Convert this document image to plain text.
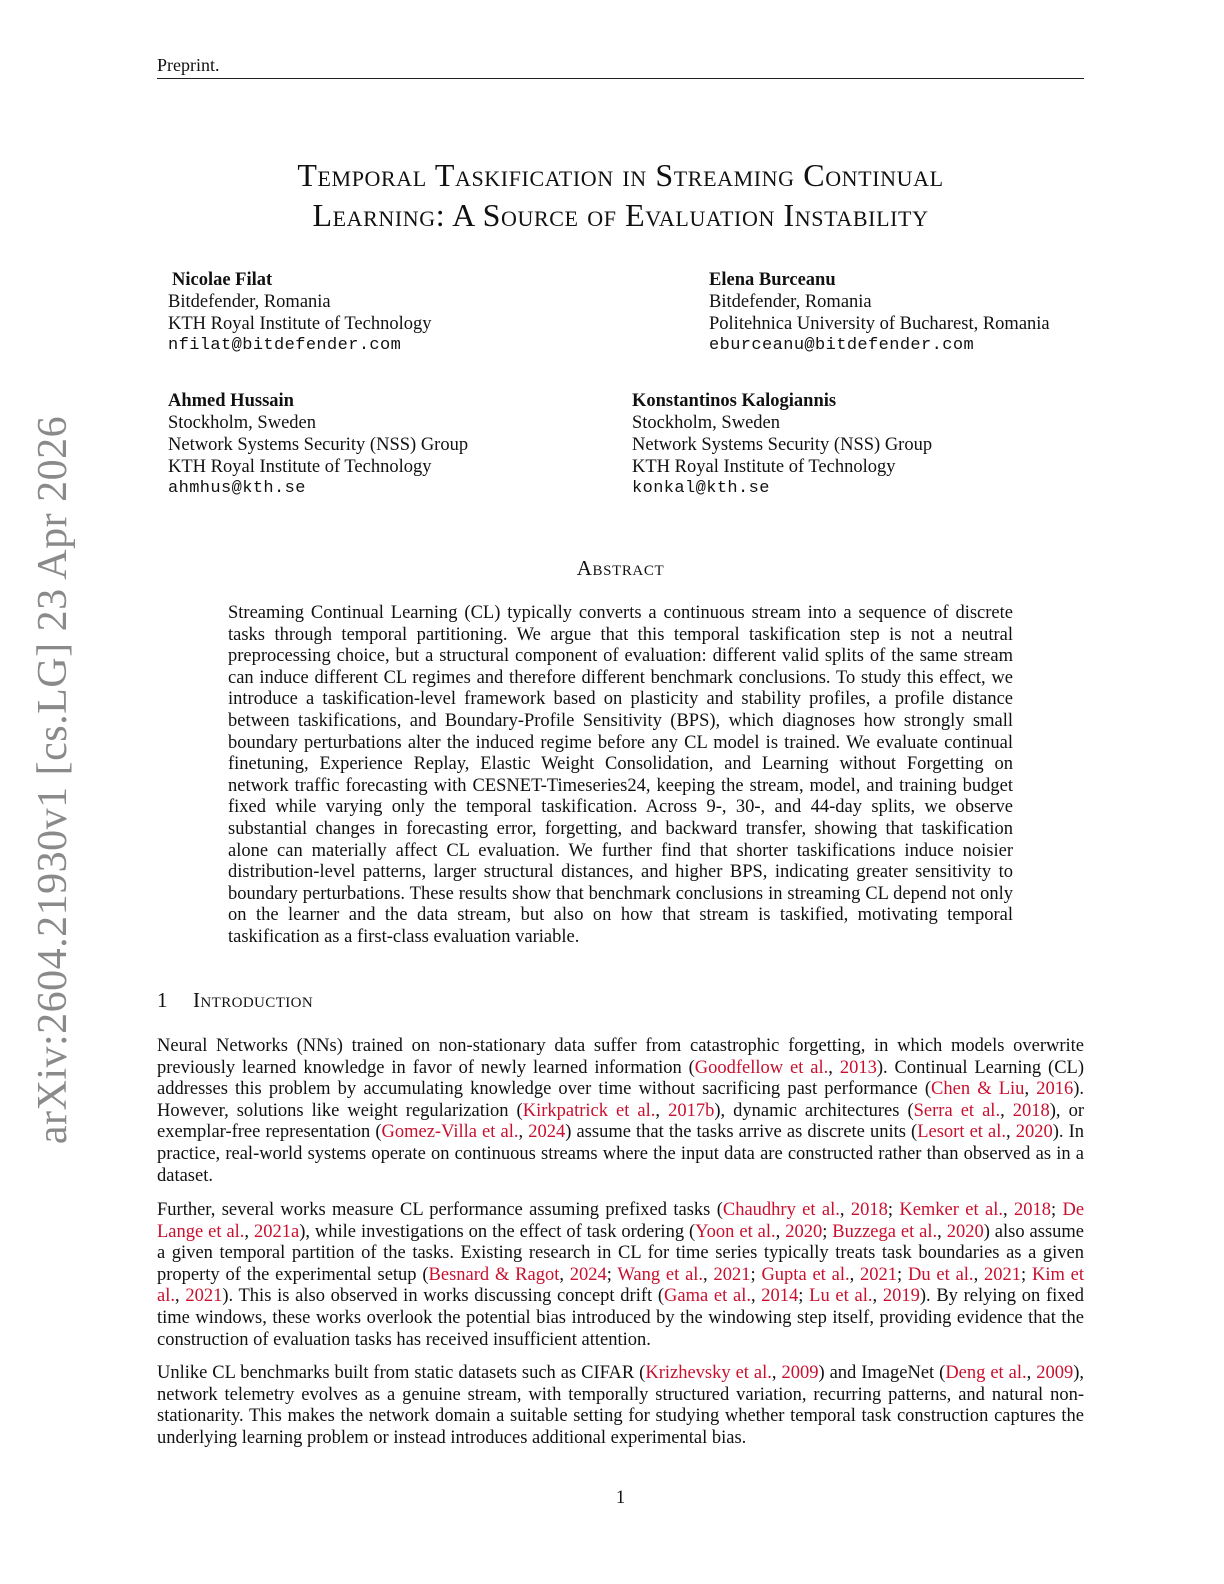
Preprint.
arXiv:2604.21930v1 [cs.LG] 23 Apr 2026
Temporal Taskification in Streaming Continual
Learning: A Source of Evaluation Instability
Nicolae Filat
Bitdefender, Romania
KTH Royal Institute of Technology
nfilat@bitdefender.com
Elena Burceanu
Bitdefender, Romania
Politehnica University of Bucharest, Romania
eburceanu@bitdefender.com
Ahmed Hussain
Stockholm, Sweden
Network Systems Security (NSS) Group
KTH Royal Institute of Technology
ahmhus@kth.se
Konstantinos Kalogiannis
Stockholm, Sweden
Network Systems Security (NSS) Group
KTH Royal Institute of Technology
konkal@kth.se
Abstract

Streaming Continual Learning (CL) typically converts a continuous stream into a sequence of discrete tasks through temporal partitioning. We argue that this temporal taskification step is not a neutral preprocessing choice, but a structural component of evaluation: different valid splits of the same stream can induce different CL regimes and therefore different benchmark conclusions. To study this effect, we introduce a taskification-level framework based on plasticity and stability profiles, a profile distance between taskifications, and Boundary-Profile Sensitivity (BPS), which diagnoses how strongly small boundary perturbations alter the induced regime before any CL model is trained. We evaluate continual finetuning, Experience Replay, Elastic Weight Consolidation, and Learning without Forgetting on network traffic forecasting with CESNET-Timeseries24, keeping the stream, model, and training budget fixed while varying only the temporal taskification. Across 9-, 30-, and 44-day splits, we observe substantial changes in forecasting error, forgetting, and backward transfer, showing that taskification alone can materially affect CL evaluation. We further find that shorter taskifications induce noisier distribution-level patterns, larger structural distances, and higher BPS, indicating greater sensitivity to boundary perturbations. These results show that benchmark conclusions in streaming CL depend not only on the learner and the data stream, but also on how that stream is taskified, motivating temporal taskification as a first-class evaluation variable.

1 Introduction

Neural Networks (NNs) trained on non-stationary data suffer from catastrophic forgetting, in which models overwrite previously learned knowledge in favor of newly learned information (Goodfellow et al., 2013). Continual Learning (CL) addresses this problem by accumulating knowledge over time without sacrificing past performance (Chen & Liu, 2016). However, solutions like weight regularization (Kirkpatrick et al., 2017b), dynamic architectures (Serra et al., 2018), or exemplar-free representation (Gomez-Villa et al., 2024) assume that the tasks arrive as discrete units (Lesort et al., 2020). In practice, real-world systems operate on continuous streams where the input data are constructed rather than observed as in a dataset.

Further, several works measure CL performance assuming prefixed tasks (Chaudhry et al., 2018; Kemker et al., 2018; De Lange et al., 2021a), while investigations on the effect of task ordering (Yoon et al., 2020; Buzzega et al., 2020) also assume a given temporal partition of the tasks. Existing research in CL for time series typically treats task boundaries as a given property of the experimental setup (Besnard & Ragot, 2024; Wang et al., 2021; Gupta et al., 2021; Du et al., 2021; Kim et al., 2021). This is also observed in works discussing concept drift (Gama et al., 2014; Lu et al., 2019). By relying on fixed time windows, these works overlook the potential bias introduced by the windowing step itself, providing evidence that the construction of evaluation tasks has received insufficient attention.

Unlike CL benchmarks built from static datasets such as CIFAR (Krizhevsky et al., 2009) and ImageNet (Deng et al., 2009), network telemetry evolves as a genuine stream, with temporally structured variation, recurring patterns, and natural non-stationarity. This makes the network domain a suitable setting for studying whether temporal task construction captures the underlying learning problem or instead introduces additional experimental bias.

1
